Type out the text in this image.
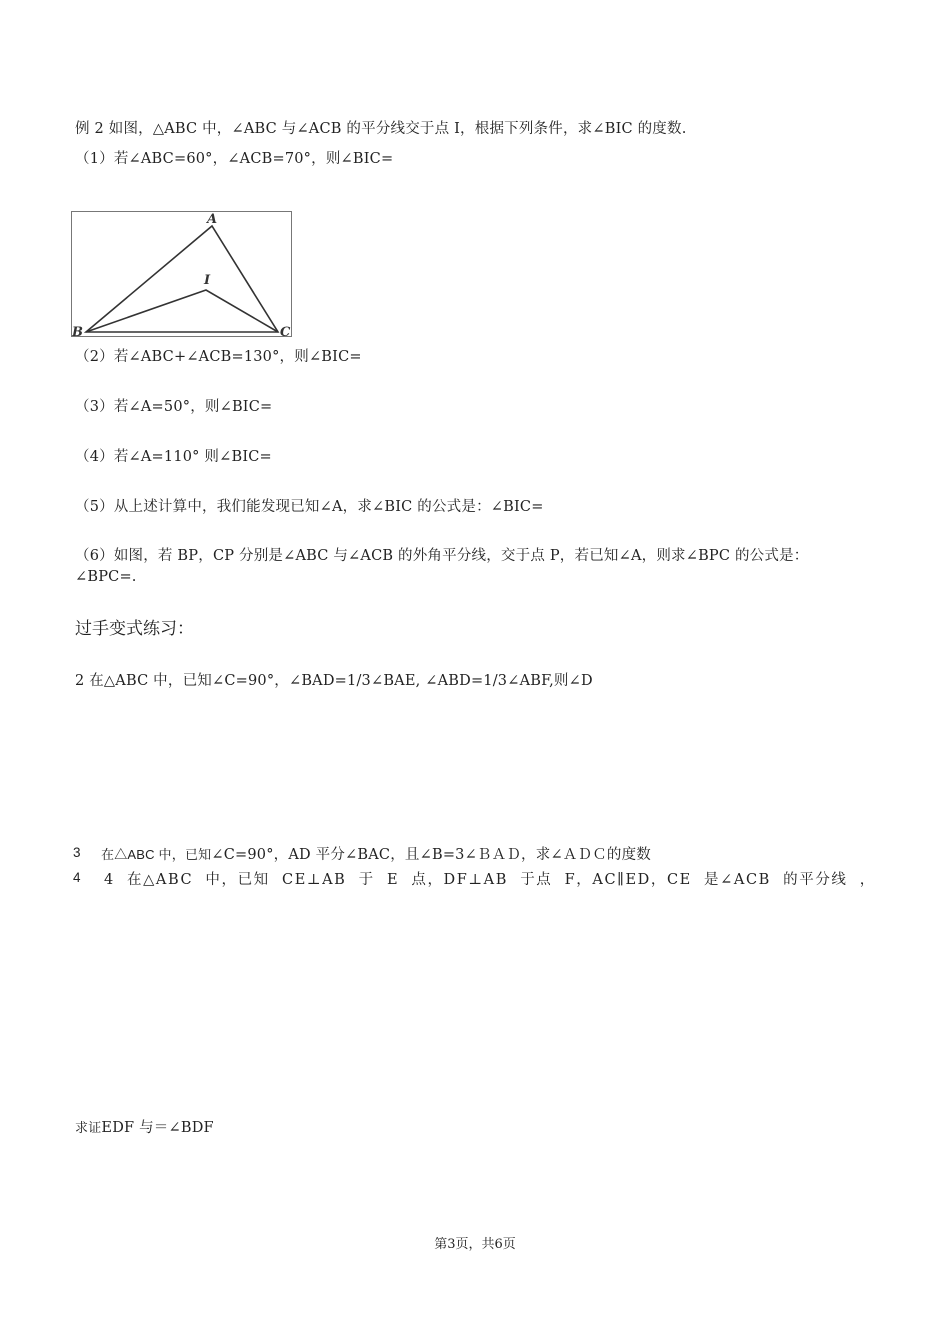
例 2 如图，△ABC 中，∠ABC 与∠ACB 的平分线交于点 I，根据下列条件，求∠BIC 的度数.
（1）若∠ABC=60°，∠ACB=70°，则∠BIC=
A
I
B	C
（2）若∠ABC+∠ACB=130°，则∠BIC=
（3）若∠A=50°，则∠BIC=
（4）若∠A=110° 则∠BIC=
（5）从上述计算中，我们能发现已知∠A，求∠BIC 的公式是：∠BIC=
（6）如图，若 BP，CP 分别是∠ABC 与∠ACB 的外角平分线，交于点 P，若已知∠A，则求∠BPC 的公式是：
∠BPC=.
过手变式练习：
2 在△ABC 中，已知∠C=90°，∠BAD=1/3∠BAE, ∠ABD=1/3∠ABF,则∠D
3 在△ABC 中，已知∠C=90°，AD 平分∠BAC，且∠B=3∠ＢＡＤ，求∠ＡＤＣ的度数
4 4 在△ABC 中，已知 CE⊥AB 于 E 点，DF⊥AB 于点 F，AC∥ED，CE 是∠ACB 的平分线 ，
求证EDF 与＝∠BDF
第3页，共6页
